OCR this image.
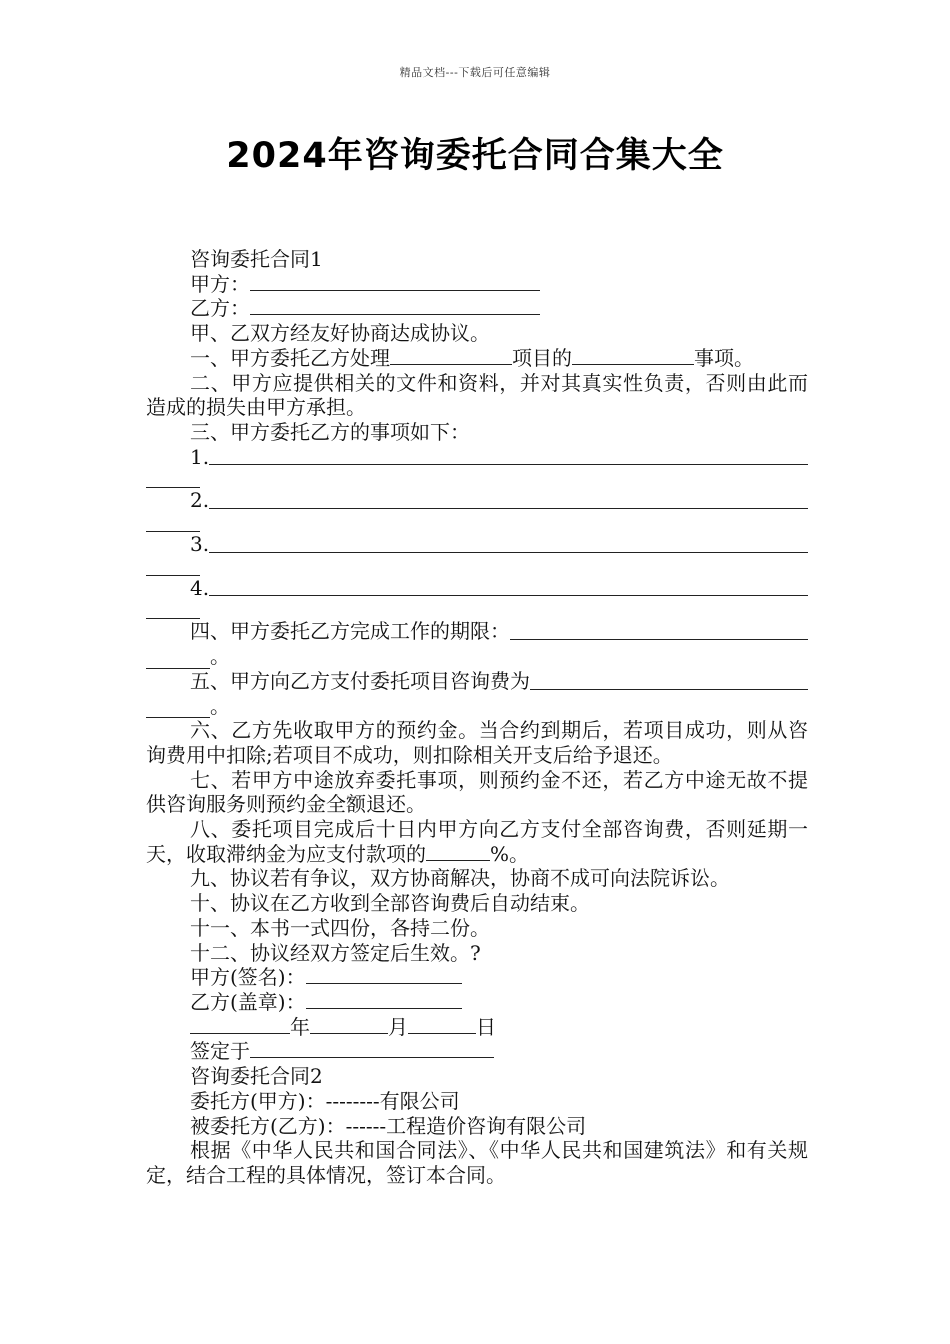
精品文档---下载后可任意编辑
2024年咨询委托合同合集大全
咨询委托合同1
甲方：
乙方：
甲、乙双方经友好协商达成协议。
一、甲方委托乙方处理	项目的	事项。
二、甲方应提供相关的文件和资料，并对其真实性负责，否则由此而造成的损失由甲方承担。
三、甲方委托乙方的事项如下：
1.
2.
3.
4.
四、甲方委托乙方完成工作的期限：
。
五、甲方向乙方支付委托项目咨询费为
。
六、乙方先收取甲方的预约金。当合约到期后，若项目成功，则从咨询费用中扣除;若项目不成功，则扣除相关开支后给予退还。
七、若甲方中途放弃委托事项，则预约金不还，若乙方中途无故不提供咨询服务则预约金全额退还。
八、委托项目完成后十日内甲方向乙方支付全部咨询费，否则延期一天，收取滞纳金为应支付款项的	%。
九、协议若有争议，双方协商解决，协商不成可向法院诉讼。
十、协议在乙方收到全部咨询费后自动结束。
十一、本书一式四份，各持二份。
十二、协议经双方签定后生效。?
甲方(签名)：
乙方(盖章)：
年	月	日
签定于
咨询委托合同2
委托方(甲方)：--------有限公司
被委托方(乙方)：------工程造价咨询有限公司
根据《中华人民共和国合同法》、《中华人民共和国建筑法》和有关规定，结合工程的具体情况，签订本合同。
